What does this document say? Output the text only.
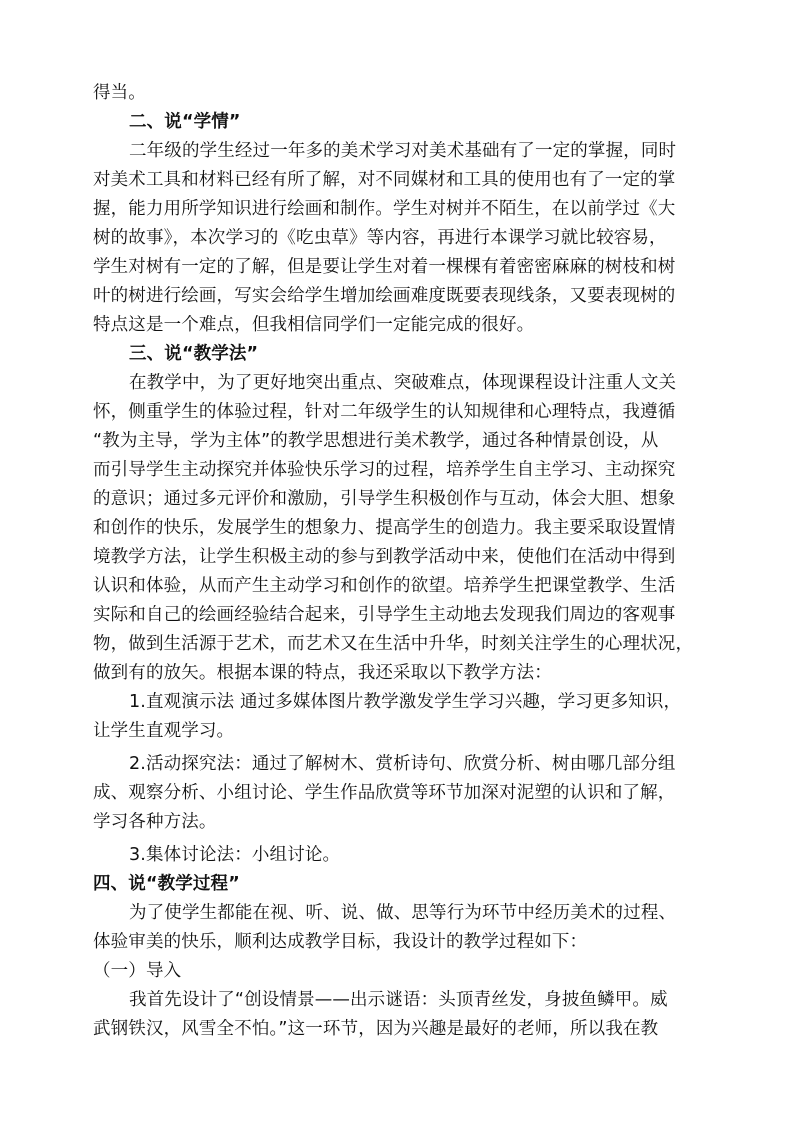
得当。
二、说“学情”
二年级的学生经过一年多的美术学习对美术基础有了一定的掌握，同时
对美术工具和材料已经有所了解，对不同媒材和工具的使用也有了一定的掌
握，能力用所学知识进行绘画和制作。学生对树并不陌生，在以前学过《大
树的故事》，本次学习的《吃虫草》等内容，再进行本课学习就比较容易，
学生对树有一定的了解，但是要让学生对着一棵棵有着密密麻麻的树枝和树
叶的树进行绘画，写实会给学生增加绘画难度既要表现线条，又要表现树的
特点这是一个难点，但我相信同学们一定能完成的很好。
三、说“教学法”
在教学中，为了更好地突出重点、突破难点，体现课程设计注重人文关
怀，侧重学生的体验过程，针对二年级学生的认知规律和心理特点，我遵循
“教为主导，学为主体”的教学思想进行美术教学，通过各种情景创设，从
而引导学生主动探究并体验快乐学习的过程，培养学生自主学习、主动探究
的意识；通过多元评价和激励，引导学生积极创作与互动，体会大胆、想象
和创作的快乐，发展学生的想象力、提高学生的创造力。我主要采取设置情
境教学方法，让学生积极主动的参与到教学活动中来，使他们在活动中得到
认识和体验，从而产生主动学习和创作的欲望。培养学生把课堂教学、生活
实际和自己的绘画经验结合起来，引导学生主动地去发现我们周边的客观事
物，做到生活源于艺术，而艺术又在生活中升华，时刻关注学生的心理状况，
做到有的放矢。根据本课的特点，我还采取以下教学方法：
1.直观演示法 通过多媒体图片教学激发学生学习兴趣，学习更多知识，
让学生直观学习。
2.活动探究法：通过了解树木、赏析诗句、欣赏分析、树由哪几部分组
成、观察分析、小组讨论、学生作品欣赏等环节加深对泥塑的认识和了解，
学习各种方法。
3.集体讨论法：小组讨论。
四、说“教学过程”
为了使学生都能在视、听、说、做、思等行为环节中经历美术的过程、
体验审美的快乐，顺利达成教学目标，我设计的教学过程如下：
（一）导入
我首先设计了“创设情景——出示谜语：头顶青丝发，身披鱼鳞甲。威
武钢铁汉，风雪全不怕。”这一环节，因为兴趣是最好的老师，所以我在教
